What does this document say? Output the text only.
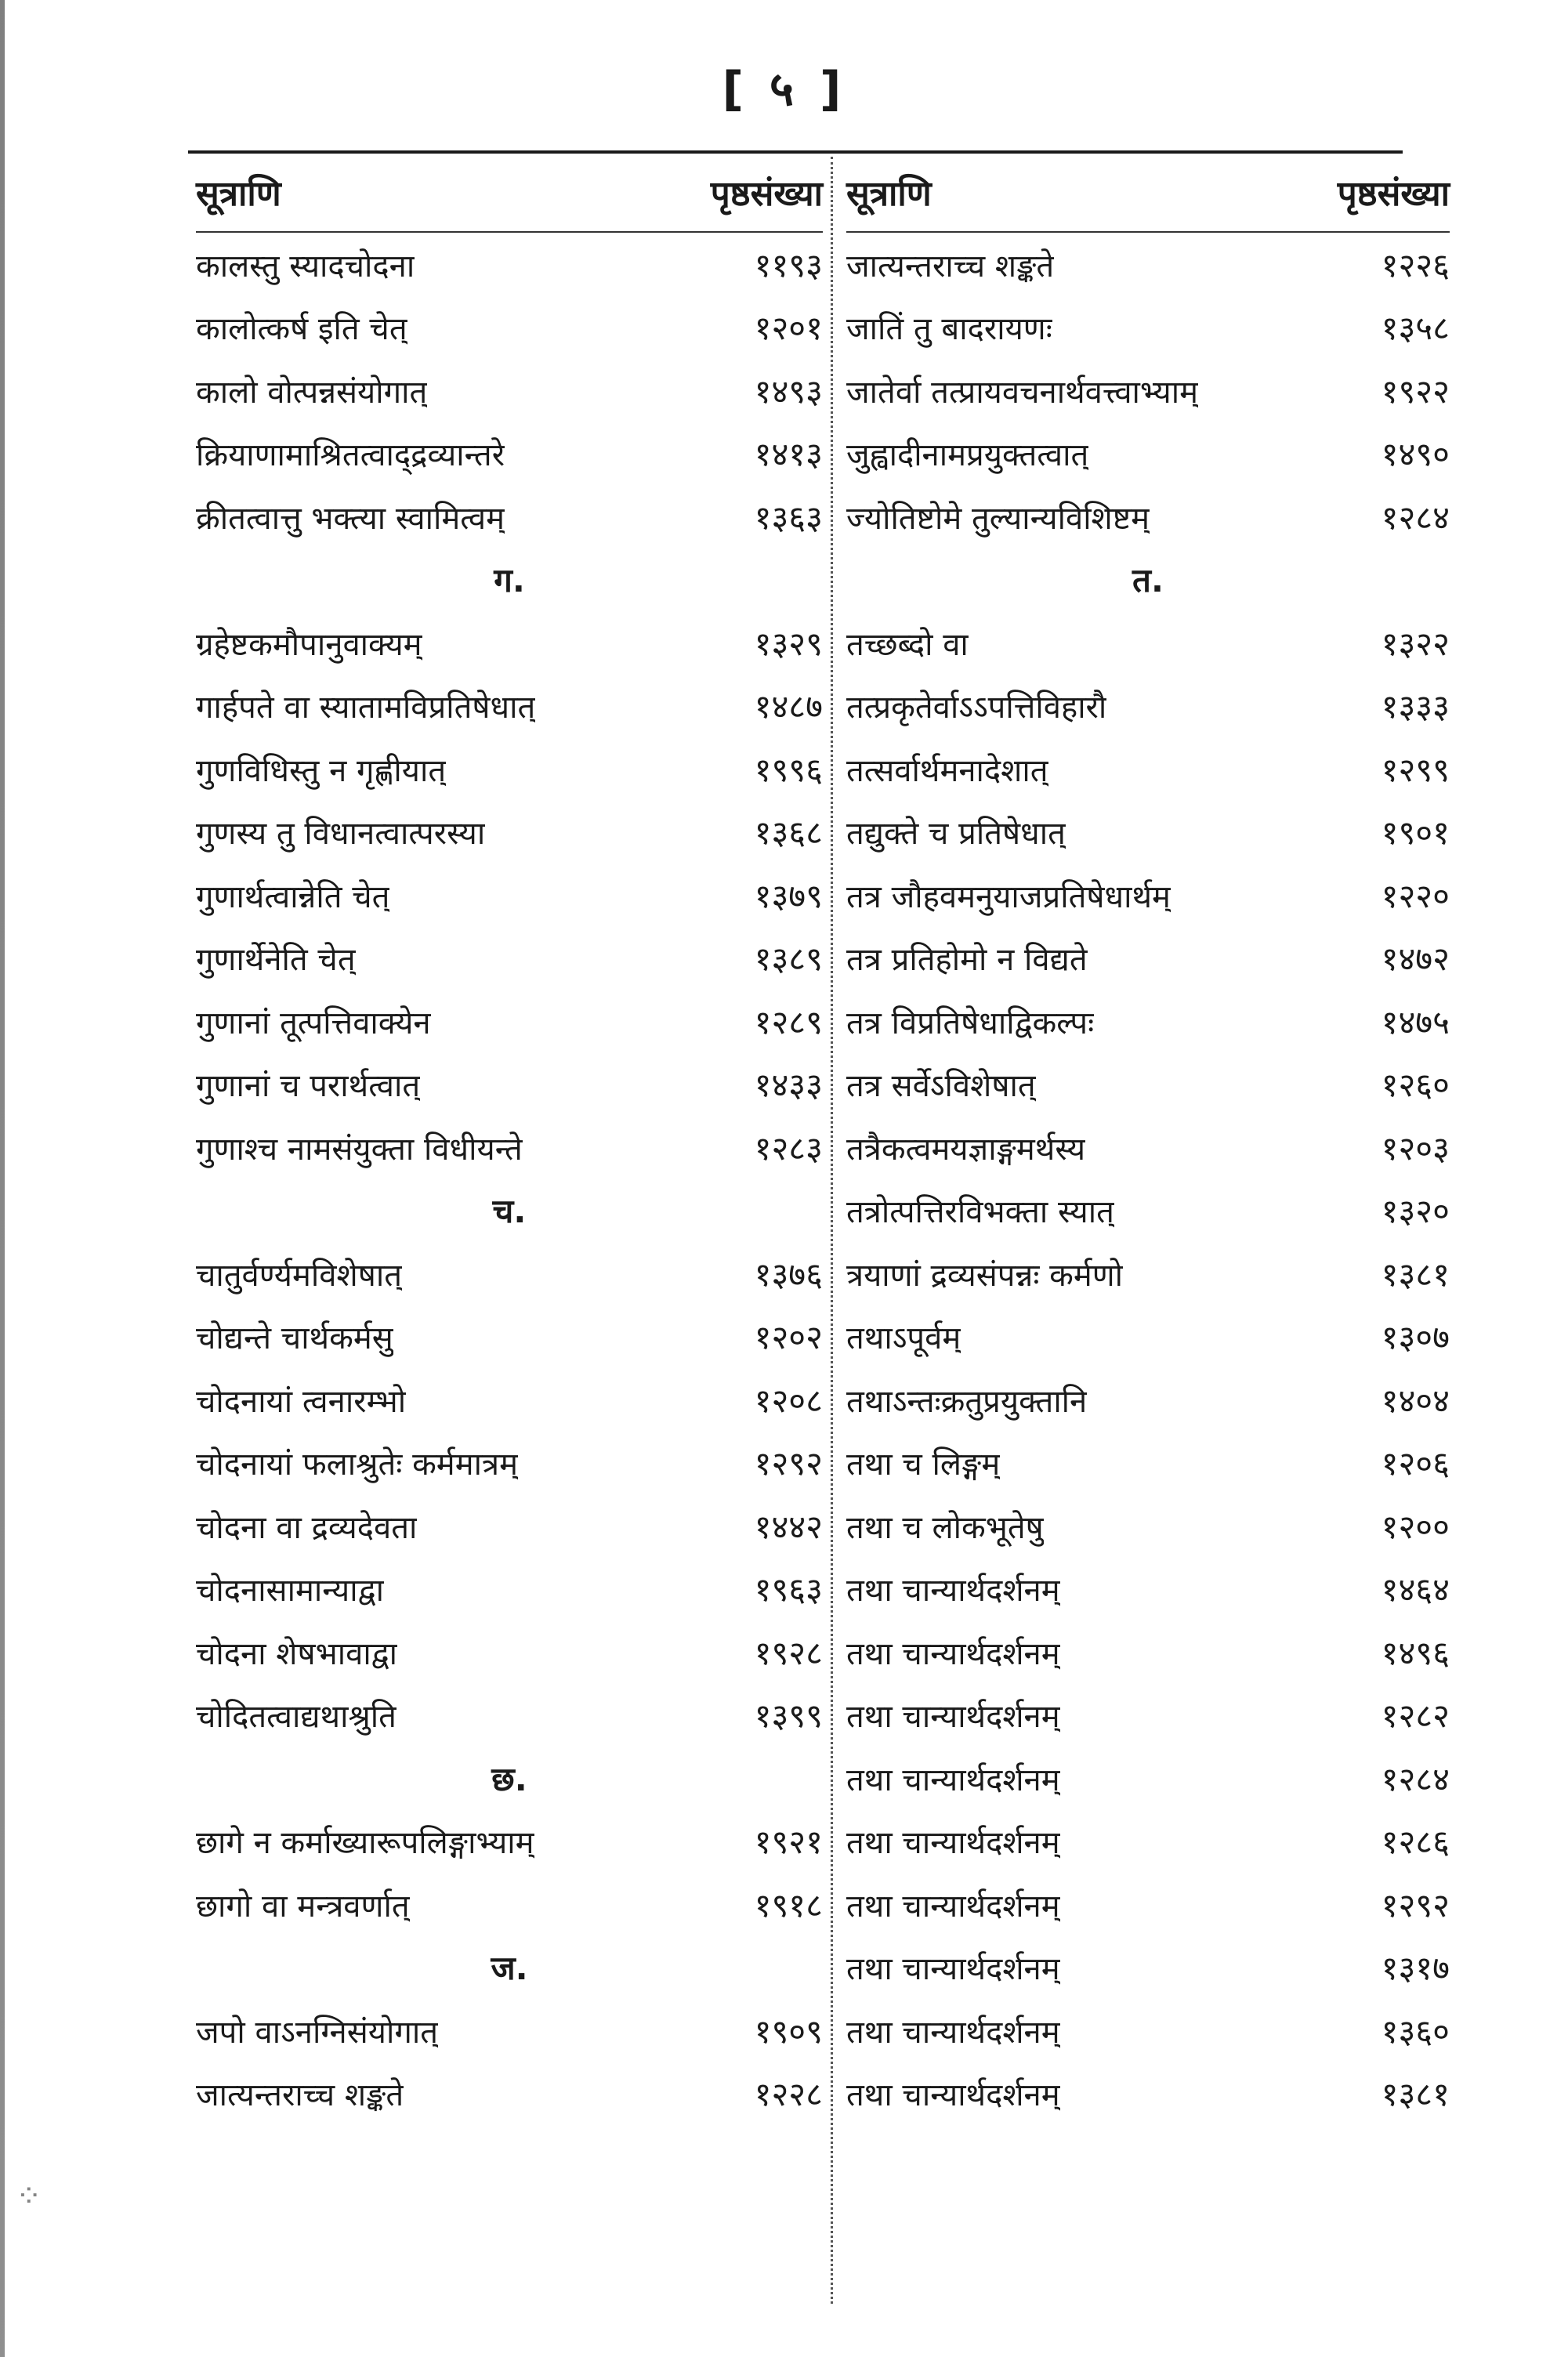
⁘
[ ५ ]
सूत्राणि	पृष्ठसंख्या
कालस्तु स्यादचोदना	११९३
कालोत्कर्ष इति चेत्	१२०१
कालो वोत्पन्नसंयोगात्	१४९३
क्रियाणामाश्रितत्वाद्द्रव्यान्तरे	१४१३
क्रीतत्वात्तु भक्त्या स्वामित्वम्	१३६३
ग.
ग्रहेष्टकमौपानुवाक्यम्	१३२९
गार्हपते वा स्यातामविप्रतिषेधात्	१४८७
गुणविधिस्तु न गृह्णीयात्	१९९६
गुणस्य तु विधानत्वात्परस्या	१३६८
गुणार्थत्वान्नेति चेत्	१३७९
गुणार्थेनेति चेत्	१३८९
गुणानां तूत्पत्तिवाक्येन	१२८९
गुणानां च परार्थत्वात्	१४३३
गुणाश्च नामसंयुक्ता विधीयन्ते	१२८३
च.
चातुर्वर्ण्यमविशेषात्	१३७६
चोद्यन्ते चार्थकर्मसु	१२०२
चोदनायां त्वनारम्भो	१२०८
चोदनायां फलाश्रुतेः कर्ममात्रम्	१२९२
चोदना वा द्रव्यदेवता	१४४२
चोदनासामान्याद्वा	१९६३
चोदना शेषभावाद्वा	१९२८
चोदितत्वाद्यथाश्रुति	१३९९
छ.
छागे न कर्माख्यारूपलिङ्गाभ्याम्	१९२१
छागो वा मन्त्रवर्णात्	१९१८
ज.
जपो वाऽनग्निसंयोगात्	१९०९
जात्यन्तराच्च शङ्कते	१२२८
सूत्राणि	पृष्ठसंख्या
जात्यन्तराच्च शङ्कते	१२२६
जातिं तु बादरायणः	१३५८
जातेर्वा तत्प्रायवचनार्थवत्त्वाभ्याम्	१९२२
जुह्वादीनामप्रयुक्तत्वात्	१४९०
ज्योतिष्टोमे तुल्यान्यविशिष्टम्	१२८४
त.
तच्छब्दो वा	१३२२
तत्प्रकृतेर्वाऽऽपत्तिविहारौ	१३३३
तत्सर्वार्थमनादेशात्	१२९९
तद्युक्ते च प्रतिषेधात्	१९०१
तत्र जौहवमनुयाजप्रतिषेधार्थम्	१२२०
तत्र प्रतिहोमो न विद्यते	१४७२
तत्र विप्रतिषेधाद्विकल्पः	१४७५
तत्र सर्वेऽविशेषात्	१२६०
तत्रैकत्वमयज्ञाङ्गमर्थस्य	१२०३
तत्रोत्पत्तिरविभक्ता स्यात्	१३२०
त्रयाणां द्रव्यसंपन्नः कर्मणो	१३८१
तथाऽपूर्वम्	१३०७
तथाऽन्तःक्रतुप्रयुक्तानि	१४०४
तथा च लिङ्गम्	१२०६
तथा च लोकभूतेषु	१२००
तथा चान्यार्थदर्शनम्	१४६४
तथा चान्यार्थदर्शनम्	१४९६
तथा चान्यार्थदर्शनम्	१२८२
तथा चान्यार्थदर्शनम्	१२८४
तथा चान्यार्थदर्शनम्	१२८६
तथा चान्यार्थदर्शनम्	१२९२
तथा चान्यार्थदर्शनम्	१३१७
तथा चान्यार्थदर्शनम्	१३६०
तथा चान्यार्थदर्शनम्	१३८१
